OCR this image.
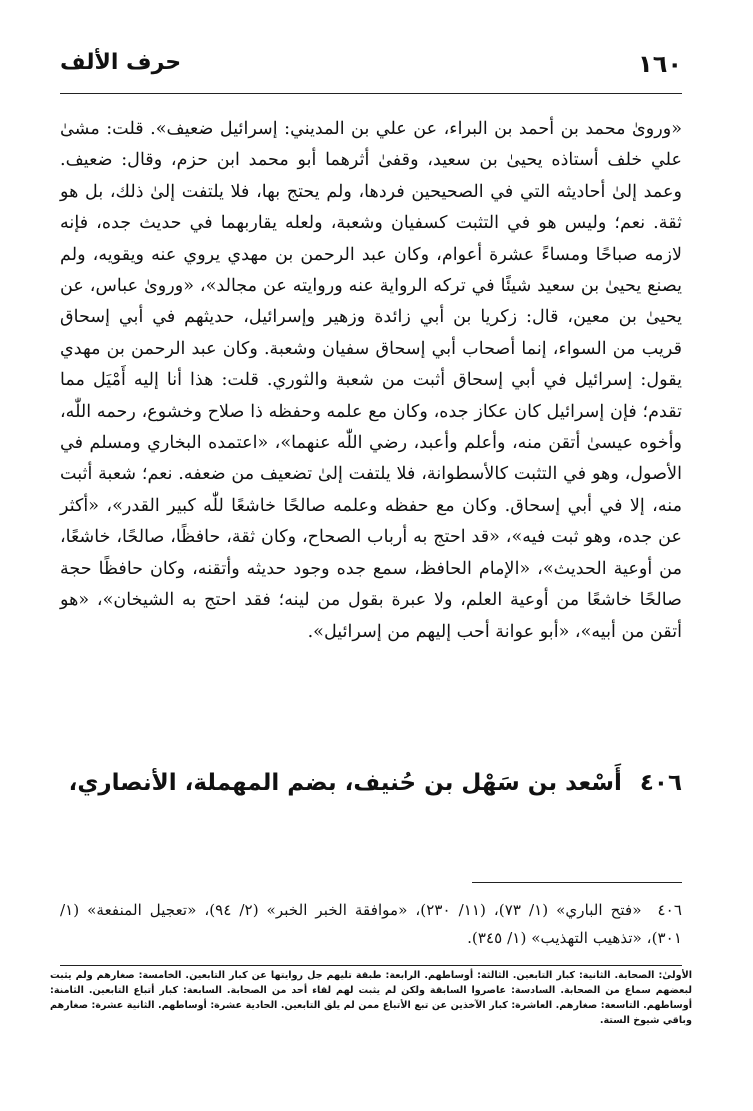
١٦٠
حرف الألف

«وروىٰ محمد بن أحمد بن البراء، عن علي بن المديني: إسرائيل ضعيف». قلت: مشىٰ علي خلف أستاذه يحيىٰ بن سعيد، وقفىٰ أثرهما أبو محمد ابن حزم، وقال: ضعيف. وعمد إلىٰ أحاديثه التي في الصحيحين فردها، ولم يحتج بها، فلا يلتفت إلىٰ ذلك، بل هو ثقة. نعم؛ وليس هو في التثبت كسفيان وشعبة، ولعله يقاربهما في حديث جده، فإنه لازمه صباحًا ومساءً عشرة أعوام، وكان عبد الرحمن بن مهدي يروي عنه ويقويه، ولم يصنع يحيىٰ بن سعيد شيئًا في تركه الرواية عنه وروايته عن مجالد»، «وروىٰ عباس، عن يحيىٰ بن معين، قال: زكريا بن أبي زائدة وزهير وإسرائيل، حديثهم في أبي إسحاق قريب من السواء، إنما أصحاب أبي إسحاق سفيان وشعبة. وكان عبد الرحمن بن مهدي يقول: إسرائيل في أبي إسحاق أثبت من شعبة والثوري. قلت: هذا أنا إليه أَمْيَل مما تقدم؛ فإن إسرائيل كان عكاز جده، وكان مع علمه وحفظه ذا صلاح وخشوع، رحمه اللّٰه، وأخوه عيسىٰ أتقن منه، وأعلم وأعبد، رضي اللّٰه عنهما»، «اعتمده البخاري ومسلم في الأصول، وهو في التثبت كالأسطوانة، فلا يلتفت إلىٰ تضعيف من ضعفه. نعم؛ شعبة أثبت منه، إلا في أبي إسحاق. وكان مع حفظه وعلمه صالحًا خاشعًا للّٰه كبير القدر»، «أكثر عن جده، وهو ثبت فيه»، «قد احتج به أرباب الصحاح، وكان ثقة، حافظًا، صالحًا، خاشعًا، من أوعية الحديث»، «الإمام الحافظ، سمع جده وجود حديثه وأتقنه، وكان حافظًا حجة صالحًا خاشعًا من أوعية العلم، ولا عبرة بقول من لينه؛ فقد احتج به الشيخان»، «هو أتقن من أبيه»، «أبو عوانة أحب إليهم من إسرائيل».

٤٠٦أَسْعد بن سَهْل بن حُنيف، بضم المهملة، الأنصاري،
٤٠٦«فتح الباري» (١/ ٧٣)، (١١/ ٢٣٠)، «موافقة الخبر الخبر» (٢/ ٩٤)، «تعجيل المنفعة» (١/ ٣٠١)، «تذهيب التهذيب» (١/ ٣٤٥).
الأولىٰ: الصحابة. الثانية: كبار التابعين. الثالثة: أوساطهم. الرابعة: طبقة تليهم جل روايتها عن كبار التابعين. الخامسة: صغارهم ولم يثبت لبعضهم سماع من الصحابة. السادسة: عاصروا السابقة ولكن لم يثبت لهم لقاء أحد من الصحابة. السابعة: كبار أتباع التابعين. الثامنة: أوساطهم. التاسعة: صغارهم. العاشرة: كبار الآخذين عن تبع الأتباع ممن لم يلق التابعين. الحادية عشرة: أوساطهم. الثانية عشرة: صغارهم وباقي شيوخ الستة.
